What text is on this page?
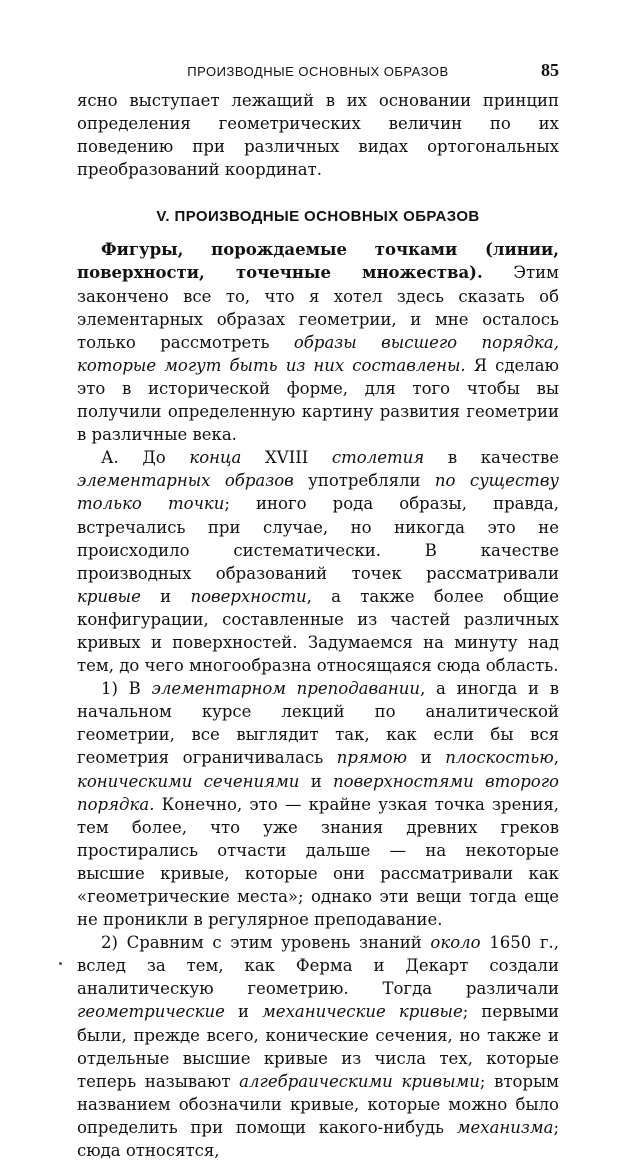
ПРОИЗВОДНЫЕ ОСНОВНЫХ ОБРАЗОВ	85

ясно выступает лежащий в их основании принцип определения геометрических величин по их поведению при различных видах ортогональных преобразований координат.

V. ПРОИЗВОДНЫЕ ОСНОВНЫХ ОБРАЗОВ

Фигуры, порождаемые точками (линии, поверхности, точечные множества). Этим закончено все то, что я хотел здесь сказать об элементарных образах геометрии, и мне осталось только рассмотреть образы высшего порядка, которые могут быть из них составлены. Я сделаю это в исторической форме, для того чтобы вы получили определенную картину развития геометрии в различные века.

А. До конца XVIII столетия в качестве элементарных образов употребляли по существу только точки; иного рода образы, правда, встречались при случае, но никогда это не происходило систематически. В качестве производных образований точек рассматривали кривые и поверхности, а также более общие конфигурации, составленные из частей различных кривых и поверхностей. Задумаемся на минуту над тем, до чего многообразна относящаяся сюда область.

1) В элементарном преподавании, а иногда и в начальном курсе лекций по аналитической геометрии, все выглядит так, как если бы вся геометрия ограничивалась прямою и плоскостью, коническими сечениями и поверхностями второго порядка. Конечно, это — крайне узкая точка зрения, тем более, что уже знания древних греков простирались отчасти дальше — на некоторые высшие кривые, которые они рассматривали как «геометрические места»; однако эти вещи тогда еще не проникли в регулярное преподавание.

2) Сравним с этим уровень знаний около 1650 г., вслед за тем, как Ферма и Декарт создали аналитическую геометрию. Тогда различали геометрические и механические кривые; первыми были, прежде всего, конические сечения, но также и отдельные высшие кривые из числа тех, которые теперь называют алгебраическими кривыми; вторым названием обозначили кривые, которые можно было определить при помощи какого-нибудь механизма; сюда относятся,
